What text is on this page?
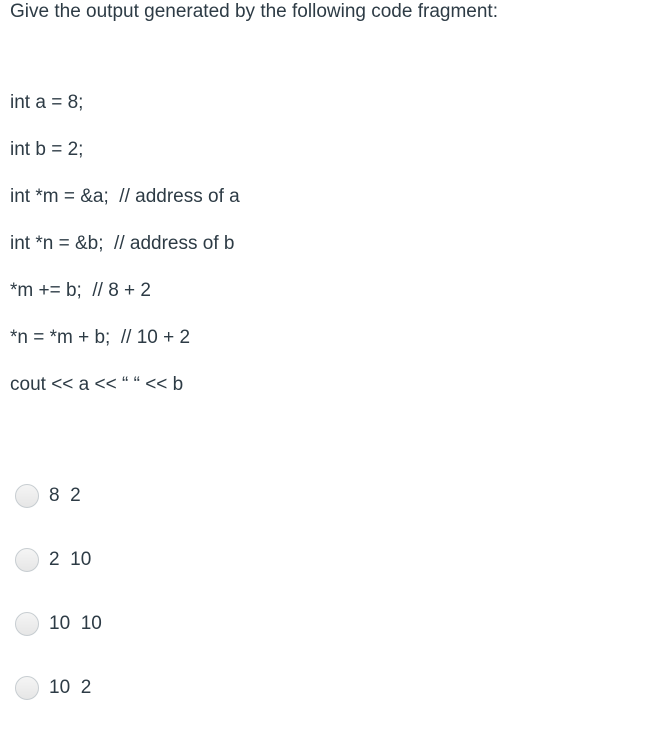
Give the output generated by the following code fragment:
int a = 8;
int b = 2;
int *m = &a;  // address of a
int *n = &b;  // address of b
*m += b;  // 8 + 2
*n = *m + b;  // 10 + 2
cout << a << “ “ << b
8  2
2  10
10  10
10  2
